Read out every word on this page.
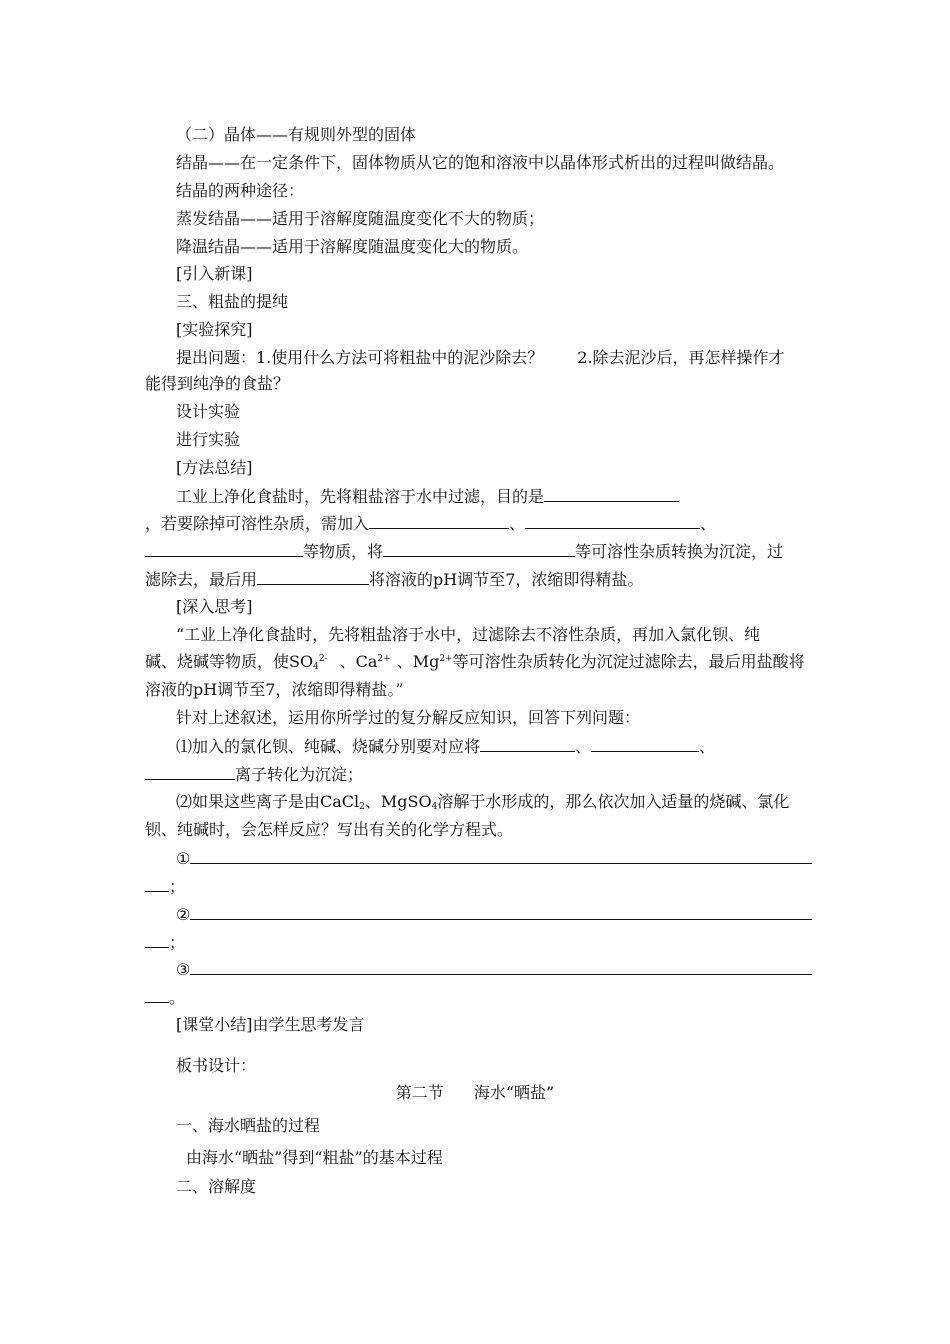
（二）晶体——有规则外型的固体
结晶——在一定条件下，固体物质从它的饱和溶液中以晶体形式析出的过程叫做结晶。
结晶的两种途径：
蒸发结晶——适用于溶解度随温度变化不大的物质；
降温结晶——适用于溶解度随温度变化大的物质。
[引入新课]
三、粗盐的提纯
[实验探究]
提出问题：1.使用什么方法可将粗盐中的泥沙除去？ 2.除去泥沙后，再怎样操作才
能得到纯净的食盐？
设计实验
进行实验
[方法总结]
工业上净化食盐时，先将粗盐溶于水中过滤，目的是
，若要除掉可溶性杂质，需加入	、	、
等物质，将	等可溶性杂质转换为沉淀，过
滤除去，最后用	将溶液的pH调节至7，浓缩即得精盐。
[深入思考]
“工业上净化食盐时，先将粗盐溶于水中，过滤除去不溶性杂质，再加入氯化钡、纯
碱、烧碱等物质，使$SO_4^{2-}$ 、$Ca^{2+}$ 、$Mg^{2+}$等可溶性杂质转化为沉淀过滤除去，最后用盐酸将
溶液的pH调节至7，浓缩即得精盐。”
针对上述叙述，运用你所学过的复分解反应知识，回答下列问题：
⑴加入的氯化钡、纯碱、烧碱分别要对应将	、	、
离子转化为沉淀；
⑵如果这些离子是由CaCl$_2$、MgSO$_4$溶解于水形成的，那么依次加入适量的烧碱、氯化
钡、纯碱时，会怎样反应？写出有关的化学方程式。
①
；
②
；
③
。
[课堂小结]由学生思考发言
板书设计：
第二节 海水“晒盐”
一、海水晒盐的过程
由海水“晒盐”得到“粗盐”的基本过程
二、溶解度
